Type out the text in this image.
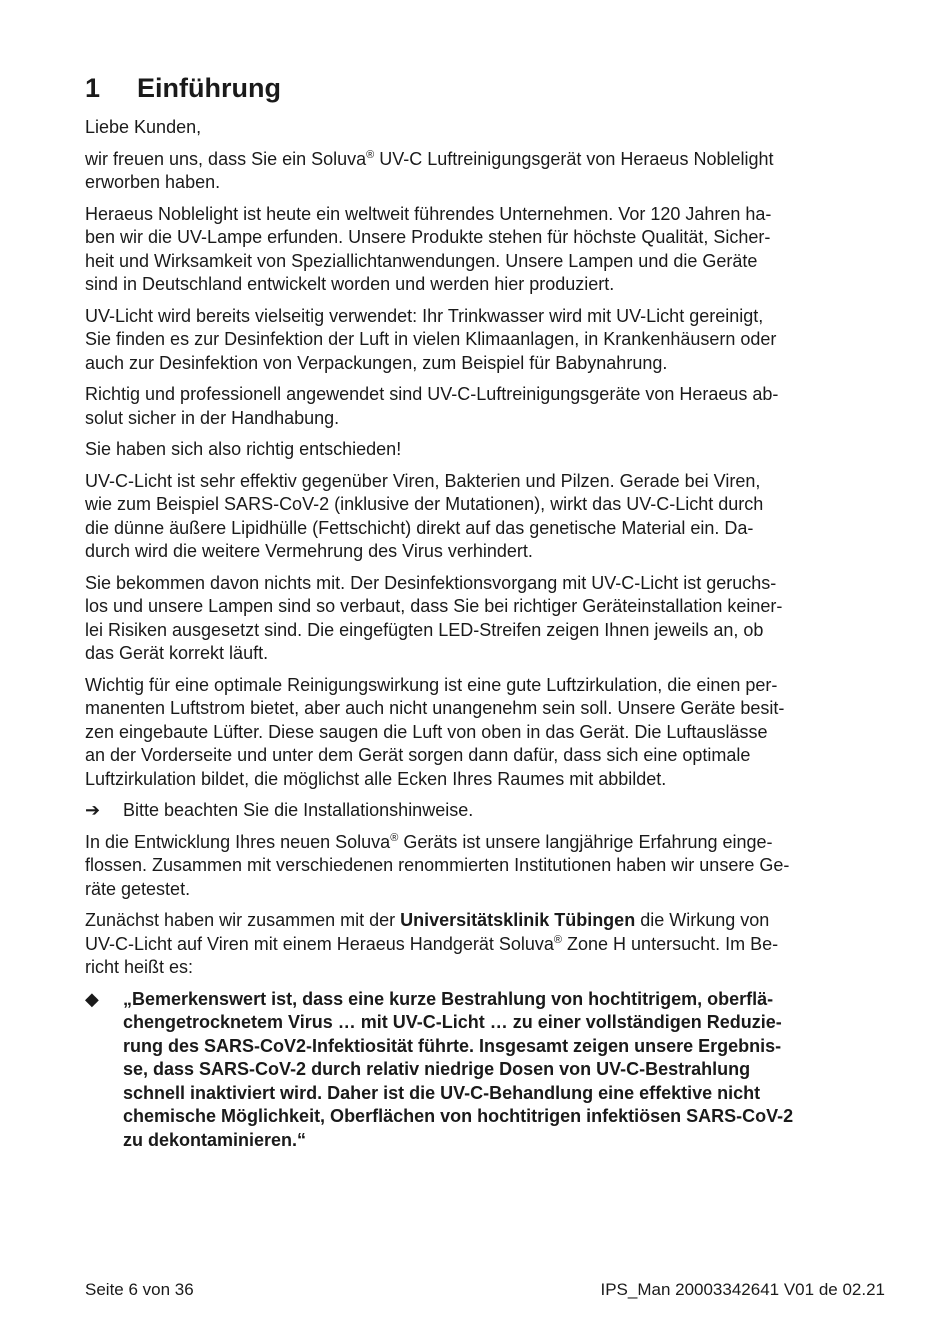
1 Einführung

Liebe Kunden,

wir freuen uns, dass Sie ein Soluva® UV-C Luftreinigungsgerät von Heraeus Noblelight
erworben haben.

Heraeus Noblelight ist heute ein weltweit führendes Unternehmen. Vor 120 Jahren ha-
ben wir die UV-Lampe erfunden. Unsere Produkte stehen für höchste Qualität, Sicher-
heit und Wirksamkeit von Speziallichtanwendungen. Unsere Lampen und die Geräte
sind in Deutschland entwickelt worden und werden hier produziert.

UV-Licht wird bereits vielseitig verwendet: Ihr Trinkwasser wird mit UV-Licht gereinigt,
Sie finden es zur Desinfektion der Luft in vielen Klimaanlagen, in Krankenhäusern oder
auch zur Desinfektion von Verpackungen, zum Beispiel für Babynahrung.

Richtig und professionell angewendet sind UV-C-Luftreinigungsgeräte von Heraeus ab-
solut sicher in der Handhabung.

Sie haben sich also richtig entschieden!

UV-C-Licht ist sehr effektiv gegenüber Viren, Bakterien und Pilzen. Gerade bei Viren,
wie zum Beispiel SARS-CoV-2 (inklusive der Mutationen), wirkt das UV-C-Licht durch
die dünne äußere Lipidhülle (Fettschicht) direkt auf das genetische Material ein. Da-
durch wird die weitere Vermehrung des Virus verhindert.

Sie bekommen davon nichts mit. Der Desinfektionsvorgang mit UV-C-Licht ist geruchs-
los und unsere Lampen sind so verbaut, dass Sie bei richtiger Geräteinstallation keiner-
lei Risiken ausgesetzt sind. Die eingefügten LED-Streifen zeigen Ihnen jeweils an, ob
das Gerät korrekt läuft.

Wichtig für eine optimale Reinigungswirkung ist eine gute Luftzirkulation, die einen per-
manenten Luftstrom bietet, aber auch nicht unangenehm sein soll. Unsere Geräte besit-
zen eingebaute Lüfter. Diese saugen die Luft von oben in das Gerät. Die Luftauslässe
an der Vorderseite und unter dem Gerät sorgen dann dafür, dass sich eine optimale
Luftzirkulation bildet, die möglichst alle Ecken Ihres Raumes mit abbildet.

➔	Bitte beachten Sie die Installationshinweise.

In die Entwicklung Ihres neuen Soluva® Geräts ist unsere langjährige Erfahrung einge-
flossen. Zusammen mit verschiedenen renommierten Institutionen haben wir unsere Ge-
räte getestet.

Zunächst haben wir zusammen mit der Universitätsklinik Tübingen die Wirkung von
UV-C-Licht auf Viren mit einem Heraeus Handgerät Soluva® Zone H untersucht. Im Be-
richt heißt es:

◆	„Bemerkenswert ist, dass eine kurze Bestrahlung von hochtitrigem, oberflä-
chengetrocknetem Virus … mit UV-C-Licht … zu einer vollständigen Reduzie-
rung des SARS-CoV2-Infektiosität führte. Insgesamt zeigen unsere Ergebnis-
se, dass SARS-CoV-2 durch relativ niedrige Dosen von UV-C-Bestrahlung
schnell inaktiviert wird. Daher ist die UV-C-Behandlung eine effektive nicht
chemische Möglichkeit, Oberflächen von hochtitrigen infektiösen SARS-CoV-2
zu dekontaminieren.“
Seite 6 von 36	IPS_Man 20003342641 V01 de 02.21
